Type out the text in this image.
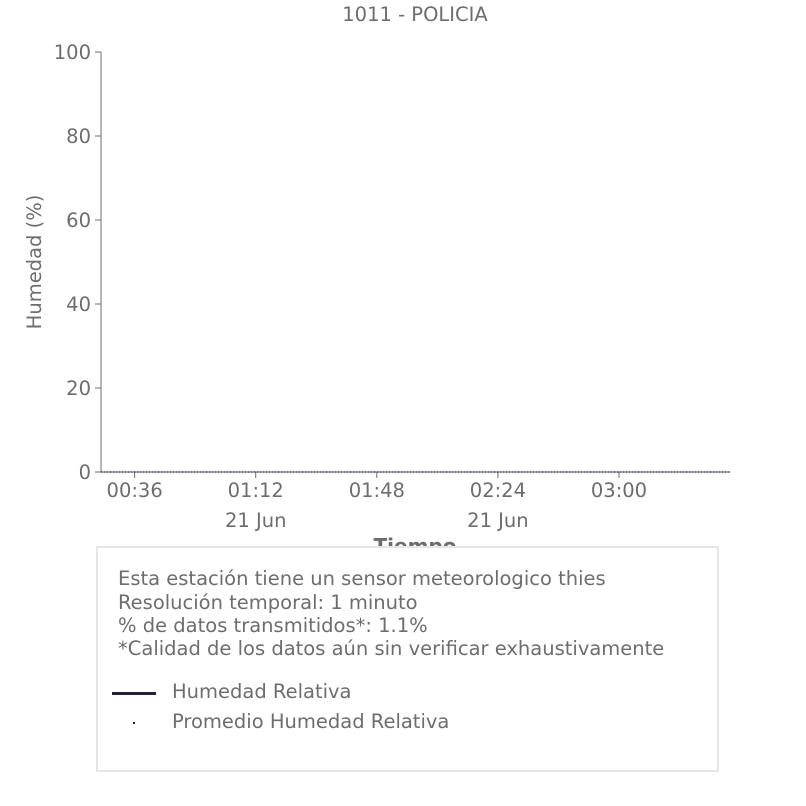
1011 - POLICIA
Humedad (%)
0
20
40
60
80
100
00:36	01:12
21 Jun
01:48	02:24
21 Jun
03:00
Esta estación tiene un sensor meteorologico thies
Resolución temporal: 1 minuto
% de datos transmitidos*: 1.1%
*Calidad de los datos aún sin verificar exhaustivamente
Humedad Relativa
Promedio Humedad Relativa
